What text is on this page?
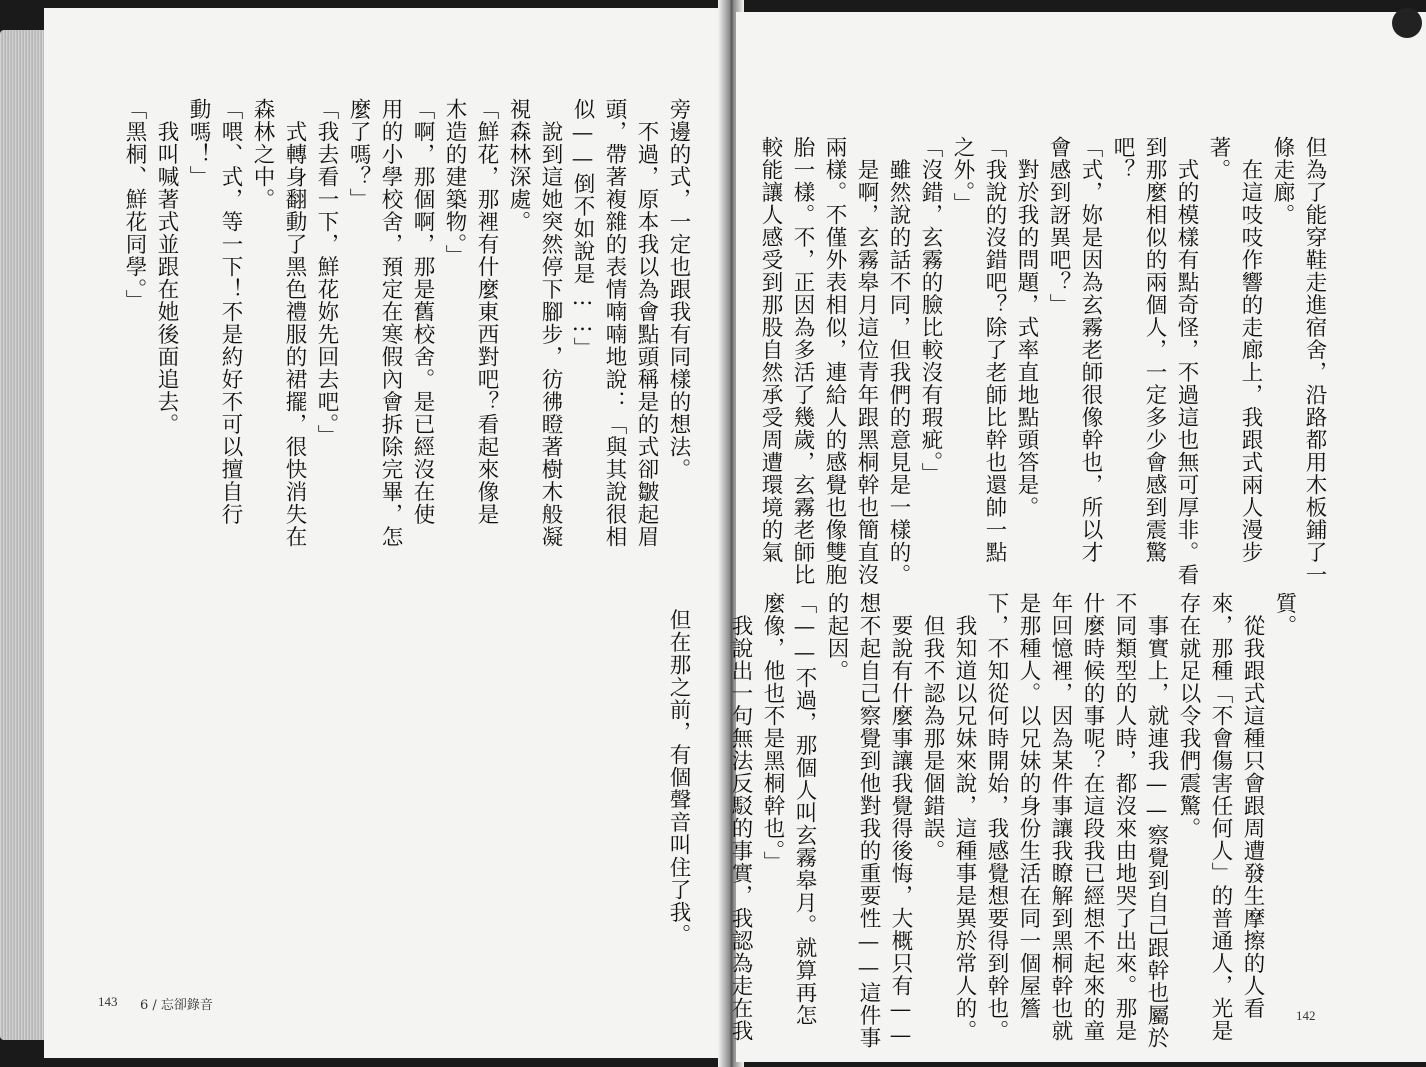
旁邊的式，一定也跟我有同樣的想法。

　不過，原本我以為會點頭稱是的式卻皺起眉

頭，帶著複雜的表情喃喃地說：「與其說很相

似——倒不如說是……」

　說到這她突然停下腳步，彷彿瞪著樹木般凝

視森林深處。

「鮮花，那裡有什麼東西對吧？看起來像是

木造的建築物。」

「啊，那個啊，那是舊校舍。是已經沒在使

用的小學校舍，預定在寒假內會拆除完畢，怎

麼了嗎？」

「我去看一下，鮮花妳先回去吧。」

　式轉身翻動了黑色禮服的裙擺，很快消失在

森林之中。

「喂、式，等一下！不是約好不可以擅自行

動嗎！」

　我叫喊著式並跟在她後面追去。

「黑桐、鮮花同學。」

　但在那之前，有個聲音叫住了我。

143 6 / 忘卻錄音

但為了能穿鞋走進宿舍，沿路都用木板鋪了一

條走廊。

　在這吱吱作響的走廊上，我跟式兩人漫步

著。

　式的模樣有點奇怪，不過這也無可厚非。看

到那麼相似的兩個人，一定多少會感到震驚

吧？

「式，妳是因為玄霧老師很像幹也，所以才

會感到訝異吧？」

　對於我的問題，式率直地點頭答是。

「我說的沒錯吧？除了老師比幹也還帥一點

之外。」

「沒錯，玄霧的臉比較沒有瑕疵。」

　雖然說的話不同，但我們的意見是一樣的。

　是啊，玄霧皋月這位青年跟黑桐幹也簡直沒

兩樣。不僅外表相似，連給人的感覺也像雙胞

胎一樣。不，正因為多活了幾歲，玄霧老師比

較能讓人感受到那股自然承受周遭環境的氣

質。

　從我跟式這種只會跟周遭發生摩擦的人看

來，那種「不會傷害任何人」的普通人，光是

存在就足以令我們震驚。

　事實上，就連我——察覺到自己跟幹也屬於

不同類型的人時，都沒來由地哭了出來。那是

什麼時候的事呢？在這段我已經想不起來的童

年回憶裡，因為某件事讓我瞭解到黑桐幹也就

是那種人。以兄妹的身份生活在同一個屋簷

下，不知從何時開始，我感覺想要得到幹也。

　我知道以兄妹來說，這種事是異於常人的。

　但我不認為那是個錯誤。

　要說有什麼事讓我覺得後悔，大概只有——

想不起自己察覺到他對我的重要性——這件事

的起因。

「——不過，那個人叫玄霧皋月。就算再怎

麼像，他也不是黑桐幹也。」

　我說出一句無法反駁的事實，我認為走在我	142
